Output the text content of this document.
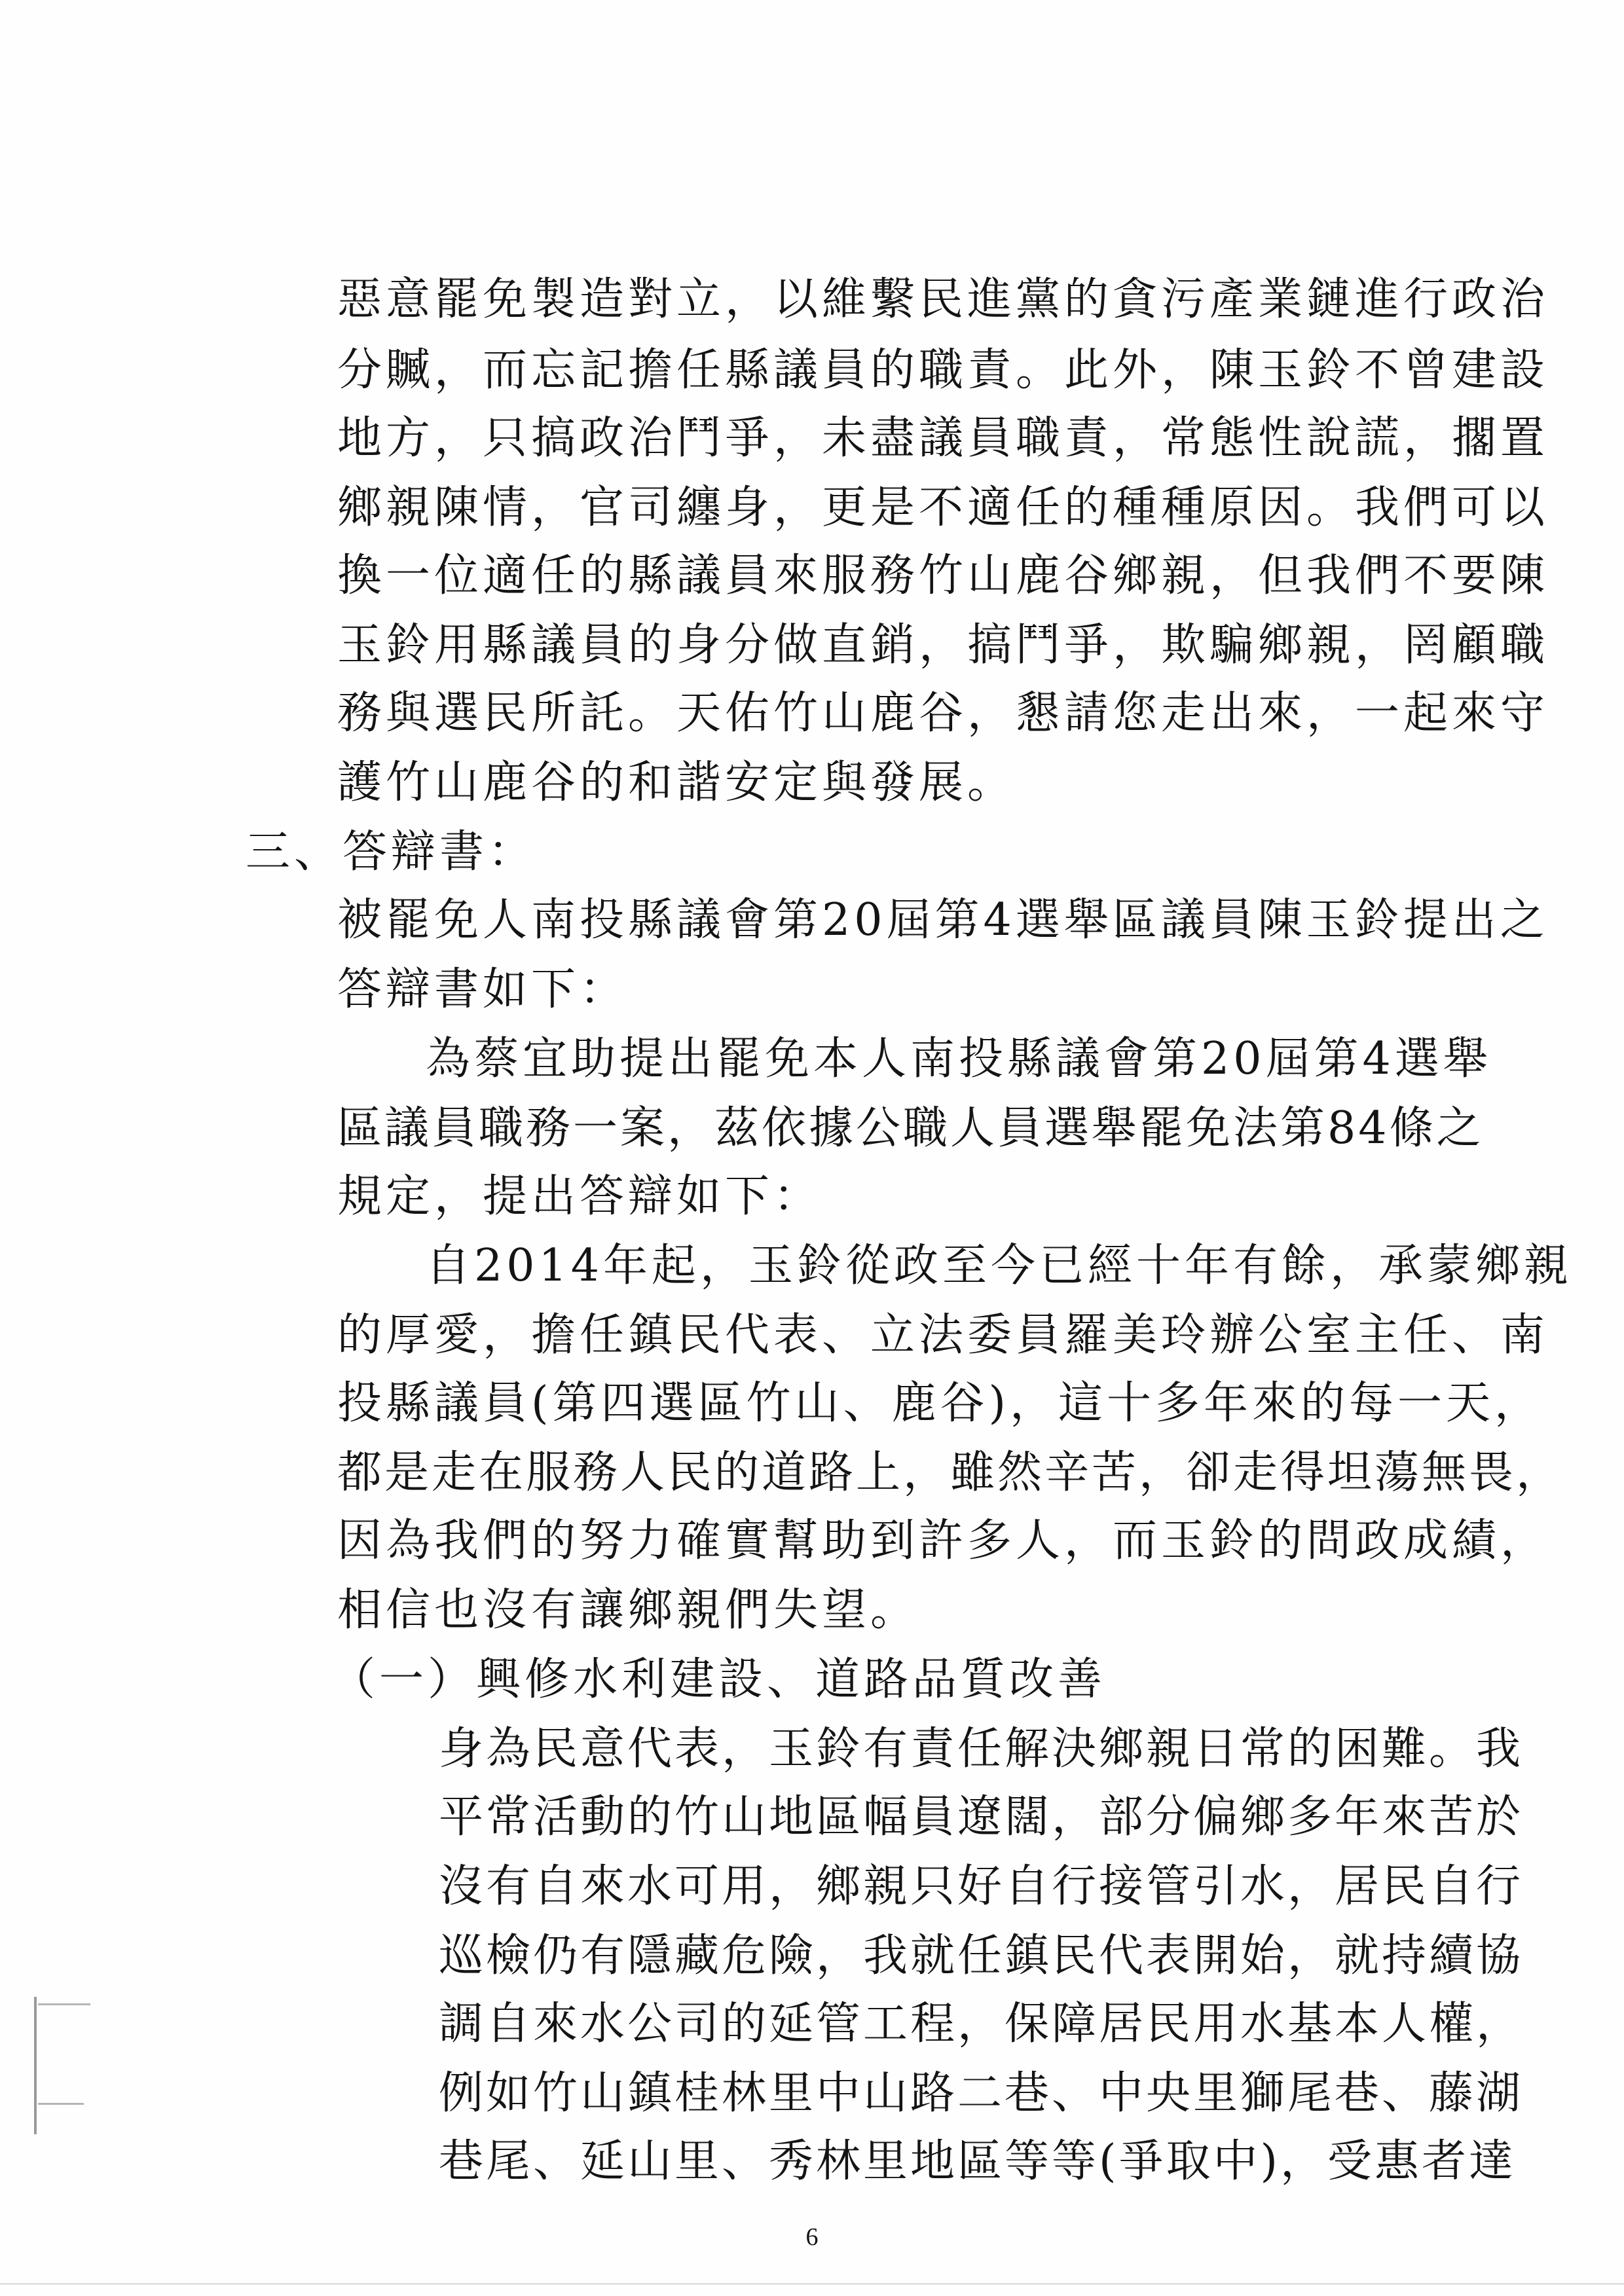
惡意罷免製造對立，以維繫民進黨的貪污產業鏈進行政治
分贓，而忘記擔任縣議員的職責。此外，陳玉鈴不曾建設
地方，只搞政治鬥爭，未盡議員職責，常態性說謊，擱置
鄉親陳情，官司纏身，更是不適任的種種原因。我們可以
換一位適任的縣議員來服務竹山鹿谷鄉親，但我們不要陳
玉鈴用縣議員的身分做直銷，搞鬥爭，欺騙鄉親，罔顧職
務與選民所託。天佑竹山鹿谷，懇請您走出來，一起來守
護竹山鹿谷的和諧安定與發展。
三、答辯書：
被罷免人南投縣議會第20屆第4選舉區議員陳玉鈴提出之
答辯書如下：
為蔡宜助提出罷免本人南投縣議會第20屆第4選舉
區議員職務一案，茲依據公職人員選舉罷免法第84條之
規定，提出答辯如下：
自2014年起，玉鈴從政至今已經十年有餘，承蒙鄉親
的厚愛，擔任鎮民代表、立法委員羅美玲辦公室主任、南
投縣議員(第四選區竹山、鹿谷)，這十多年來的每一天，
都是走在服務人民的道路上，雖然辛苦，卻走得坦蕩無畏，
因為我們的努力確實幫助到許多人，而玉鈴的問政成績，
相信也沒有讓鄉親們失望。
（一）興修水利建設、道路品質改善
身為民意代表，玉鈴有責任解決鄉親日常的困難。我
平常活動的竹山地區幅員遼闊，部分偏鄉多年來苦於
沒有自來水可用，鄉親只好自行接管引水，居民自行
巡檢仍有隱藏危險，我就任鎮民代表開始，就持續協
調自來水公司的延管工程，保障居民用水基本人權，
例如竹山鎮桂林里中山路二巷、中央里獅尾巷、藤湖
巷尾、延山里、秀林里地區等等(爭取中)，受惠者達
6
